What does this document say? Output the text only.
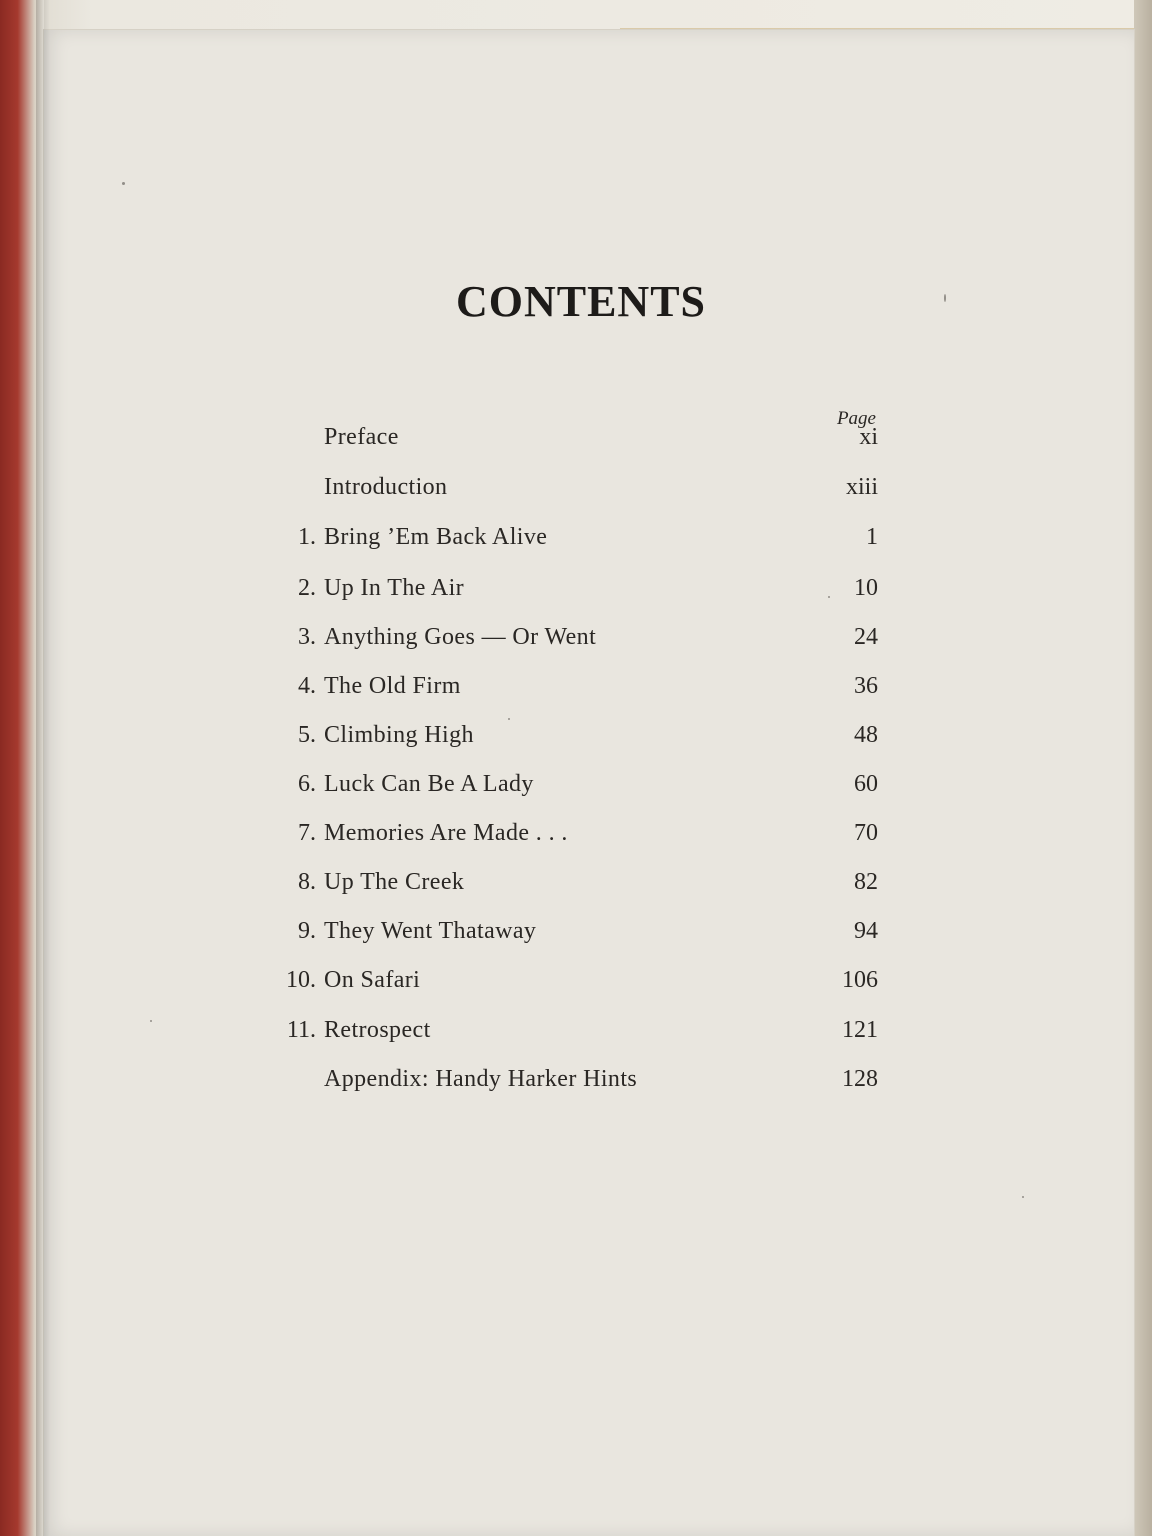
CONTENTS
Page
Preface	xi
Introduction	xiii
1. Bring ’Em Back Alive	1
2. Up In The Air	10
3. Anything Goes — Or Went	24
4. The Old Firm	36
5. Climbing High	48
6. Luck Can Be A Lady	60
7. Memories Are Made . . .	70
8. Up The Creek	82
9. They Went Thataway	94
10. On Safari	106
11. Retrospect	121
Appendix: Handy Harker Hints	128
